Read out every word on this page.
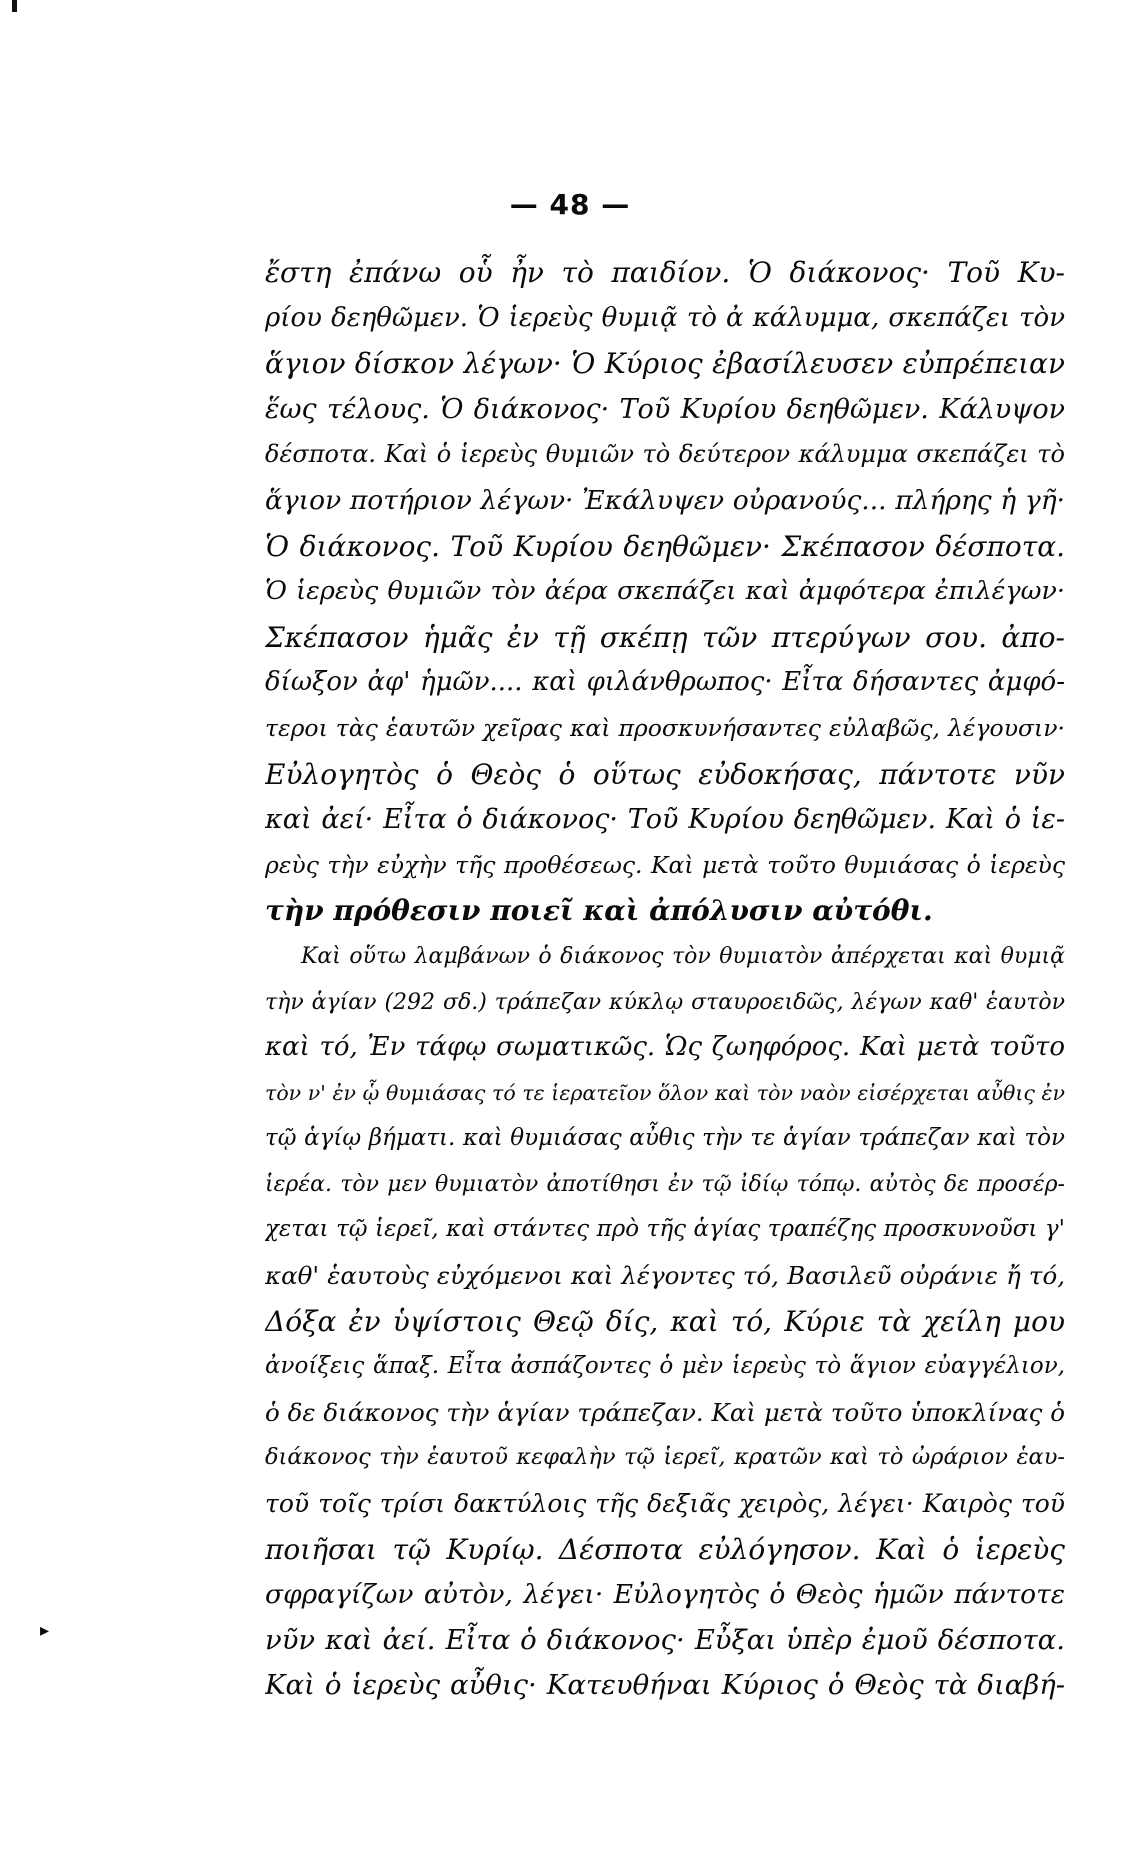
— 48 —
ἔστη ἐπάνω οὗ ἦν τὸ παιδίον. Ὁ διάκονος· Τοῦ Κυ-
ρίου δεηθῶμεν. Ὁ ἱερεὺς θυμιᾷ τὸ ἀ κάλυμμα, σκεπάζει τὸν
ἅγιον δίσκον λέγων· Ὁ Κύριος ἐβασίλευσεν εὐπρέπειαν
ἕως τέλους. Ὁ διάκονος· Τοῦ Κυρίου δεηθῶμεν. Κάλυψον
δέσποτα. Καὶ ὁ ἱερεὺς θυμιῶν τὸ δεύτερον κάλυμμα σκεπάζει τὸ
ἅγιον ποτήριον λέγων· Ἐκάλυψεν οὐρανούς... πλήρης ἡ γῆ·
Ὁ διάκονος. Τοῦ Κυρίου δεηθῶμεν· Σκέπασον δέσποτα.
Ὁ ἱερεὺς θυμιῶν τὸν ἀέρα σκεπάζει καὶ ἀμφότερα ἐπιλέγων·
Σκέπασον ἡμᾶς ἐν τῇ σκέπῃ τῶν πτερύγων σου. ἀπο-
δίωξον ἀφ' ἡμῶν.... καὶ φιλάνθρωπος· Εἶτα δήσαντες ἀμφό-
τεροι τὰς ἑαυτῶν χεῖρας καὶ προσκυνήσαντες εὐλαβῶς, λέγουσιν·
Εὐλογητὸς ὁ Θεὸς ὁ οὕτως εὐδοκήσας, πάντοτε νῦν
καὶ ἀεί· Εἶτα ὁ διάκονος· Τοῦ Κυρίου δεηθῶμεν. Καὶ ὁ ἱε-
ρεὺς τὴν εὐχὴν τῆς προθέσεως. Καὶ μετὰ τοῦτο θυμιάσας ὁ ἱερεὺς
τὴν πρόθεσιν ποιεῖ καὶ ἀπόλυσιν αὐτόθι.
Καὶ οὕτω λαμβάνων ὁ διάκονος τὸν θυμιατὸν ἀπέρχεται καὶ θυμιᾷ
τὴν ἁγίαν (292 σδ.) τράπεζαν κύκλῳ σταυροειδῶς, λέγων καθ' ἑαυτὸν
καὶ τό, Ἐν τάφῳ σωματικῶς. Ὡς ζωηφόρος. Καὶ μετὰ τοῦτο
τὸν ν' ἐν ᾧ θυμιάσας τό τε ἱερατεῖον ὅλον καὶ τὸν ναὸν εἰσέρχεται αὖθις ἐν
τῷ ἁγίῳ βήματι. καὶ θυμιάσας αὖθις τὴν τε ἁγίαν τράπεζαν καὶ τὸν
ἱερέα. τὸν μεν θυμιατὸν ἀποτίθησι ἐν τῷ ἰδίῳ τόπῳ. αὐτὸς δε προσέρ-
χεται τῷ ἱερεῖ, καὶ στάντες πρὸ τῆς ἁγίας τραπέζης προσκυνοῦσι γ'
καθ' ἑαυτοὺς εὐχόμενοι καὶ λέγοντες τό, Βασιλεῦ οὐράνιε ἤ τό,
Δόξα ἐν ὑψίστοις Θεῷ δίς, καὶ τό, Κύριε τὰ χείλη μου
ἀνοίξεις ἅπαξ. Εἶτα ἀσπάζοντες ὁ μὲν ἱερεὺς τὸ ἅγιον εὐαγγέλιον,
ὁ δε διάκονος τὴν ἁγίαν τράπεζαν. Καὶ μετὰ τοῦτο ὑποκλίνας ὁ
διάκονος τὴν ἑαυτοῦ κεφαλὴν τῷ ἱερεῖ, κρατῶν καὶ τὸ ὠράριον ἑαυ-
τοῦ τοῖς τρίσι δακτύλοις τῆς δεξιᾶς χειρὸς, λέγει· Καιρὸς τοῦ
ποιῆσαι τῷ Κυρίῳ. Δέσποτα εὐλόγησον. Καὶ ὁ ἱερεὺς
σφραγίζων αὐτὸν, λέγει· Εὐλογητὸς ὁ Θεὸς ἡμῶν πάντοτε
νῦν καὶ ἀεί. Εἶτα ὁ διάκονος· Εὖξαι ὑπὲρ ἐμοῦ δέσποτα.
Καὶ ὁ ἱερεὺς αὖθις· Κατευθήναι Κύριος ὁ Θεὸς τὰ διαβή-
▸
